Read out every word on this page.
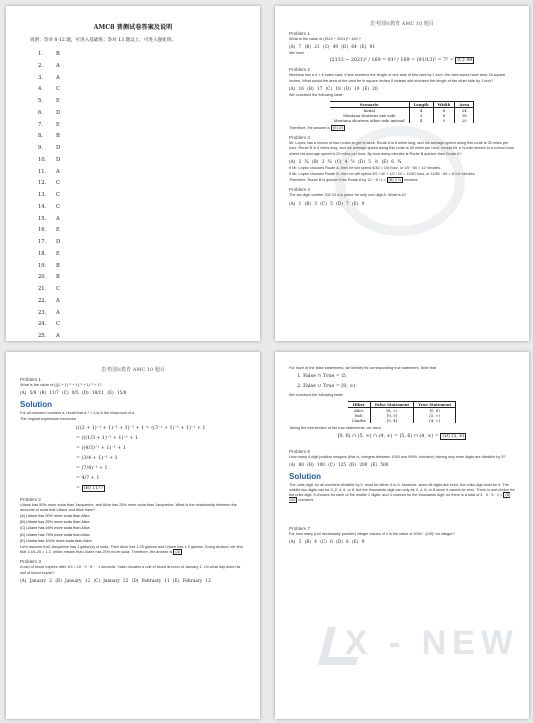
AMC8 普测试卷答案及说明
说明：答对 8-12 题，可进入基础班；答对 13 题以上，可进入强化班。
1.	B
2.	A
3.	A
4.	C
5.	E
6.	D
7.	E
8.	B
9.	D
10. D
11. A
12. C
13. C
14. C
15. A
16. E
17. D
18. E
19. B
20. B
21. C
22. A
23. A
24. C
25. A
思考国际教育 AMC 10 题目
Problem 1
What is the value of (2112 − 2021)² / 169 ?
(A) 7 (B) 21 (C) 49 (D) 64 (E) 91
We have
(2112 − 2021)² / 169 = 91² / 169 = (91/13)² = 7² = (C) 49
Problem 2
Mentana has a 4 × 6 index card. If she shortens the length of one side of this card by 1 inch, the card would have area 18 square inches. What would the area of the card be in square inches if instead she shortens the length of the other side by 1 inch?
(A) 16 (B) 17 (C) 18 (D) 19 (E) 20
We construct the following table:
Scenario	Length	Width	Area
Initial	4	6	24
Mentana shortens one side	3	6	18
Mentana shortens other side instead	4	5	20
Therefore, the answer is (E) 20
Problem 3
Mr. Lopez has a choice of two routes to get to work. Route A is 6 miles long, and his average speed along this route is 30 miles per hour. Route B is 5 miles long, and his average speed along this route is 40 miles per hour, except for a ½-mile stretch in a school zone where his average speed is 20 miles per hour. By how many minutes is Route B quicker than Route A?
(A) 2 ¾ (B) 3 ¾ (C) 4 ½ (D) 5 ½ (E) 6 ¾
If Mr. Lopez chooses Route A, then he will spend 6/30 = 1/5 hour, or 1/5 · 60 = 12 minutes.
If Mr. Lopez chooses Route B, then he will spend 9/2 / 40 + 1/2 / 20 = 11/80 hour, or 11/80 · 60 = 8 1/4 minutes.
Therefore, Route B is quicker than Route A by 12 − 8 ¼ = (B) 3 ¾ minutes.
Problem 4
The six-digit number 202 10 A is prime for only one digit A. What is A?
(A) 1 (B) 3 (C) 5 (D) 7 (E) 9
思考国际教育 AMC 10 题目
Problem 1
What is the value of (((2 + 1)⁻¹ + 1)⁻¹ + 1)⁻¹ + 1?
(A) 5/8 (B) 11/7 (C) 8/5 (D) 18/11 (E) 15/8
Solution
For all nonzero numbers a, recall that a⁻¹ = 1/a is the reciprocal of a.
The original expression becomes
(((2 + 1)⁻¹ + 1)⁻¹ + 1)⁻¹ + 1 = ((3⁻¹ + 1)⁻¹ + 1)⁻¹ + 1
= (((1/3 + 1)⁻¹ + 1)⁻¹ + 1
= ((4/3)⁻¹ + 1)⁻¹ + 1
= (3/4 + 1)⁻¹ + 1
= (7/4)⁻¹ + 1
= 4/7 + 1
= (B) 11/7
Problem 2
Liliane has 50% more soda than Jacqueline, and Alice has 25% more soda than Jacqueline. What is the relationship between the amounts of soda that Liliane and Alice have?
(A) Liliane has 20% more soda than Alice.
(B) Liliane has 25% more soda than Alice.
(C) Liliane has 45% more soda than Alice.
(D) Liliane has 75% more soda than Alice.
(E) Liliane has 100% more soda than Alice.
Let's assume that Jacqueline has 1 gallon(s) of soda. Then Alice has 1.25 gallons and Liliane has 1.5 gallons. Doing division, we find that 1.5/1.25 = 1.2, which means that Liliane has 20% more soda. Therefore, the answer is (A)
Problem 3
A cart of blood expires after 10! = 10 · 9 · 8 ··· 1 seconds. Yasin donates a unit of blood at noon of January 1. On what day does his unit of blood expire?
(A) January 2 (B) January 12 (C) January 22 (D) February 11 (E) February 12
For each of the false statements, we identify its corresponding true statement. Note that
1. False ∩ True = ∅.
2. False ∪ True = [0, ∞).
We construct the following table:
Hiker	False Statement	True Statement
Alice	[6, ∞)	[0, 6)
Bob	[0, 5]	(5, ∞)
Charlie	[0, 4]	(4, ∞)
Taking the intersection of the true statements, we have
[0, 6) ∩ (5, ∞) ∩ (4, ∞) = (5, 6) ∩ (4, ∞) = (D) (5, 6)
Problem 6
How many 4-digit positive integers (that is, integers between 1000 and 9999, inclusive) having only even digits are divisible by 5?
(A) 80 (B) 100 (C) 125 (D) 200 (E) 500
Solution
The units digit, for all numbers divisible by 5, must be either 0 or 5. However, since all digits are even, the units digit must be 0. The middle two digits can be 0, 2, 4, 6, or 8, but the thousands digit can only be 2, 4, 6, or 8 since it cannot be zero. There is one choice for the units digit, 5 choices for each of the middle 2 digits, and 4 choices for the thousands digit, so there is a total of 4 · 5 · 5 · 1 = (B) 100 numbers.
Problem 7
For how many (not necessarily positive) integer values of n is the value of 4000 · (2/5)ⁿ an integer?
(A) 3 (B) 4 (C) 6 (D) 8 (E) 9
X - NEW
